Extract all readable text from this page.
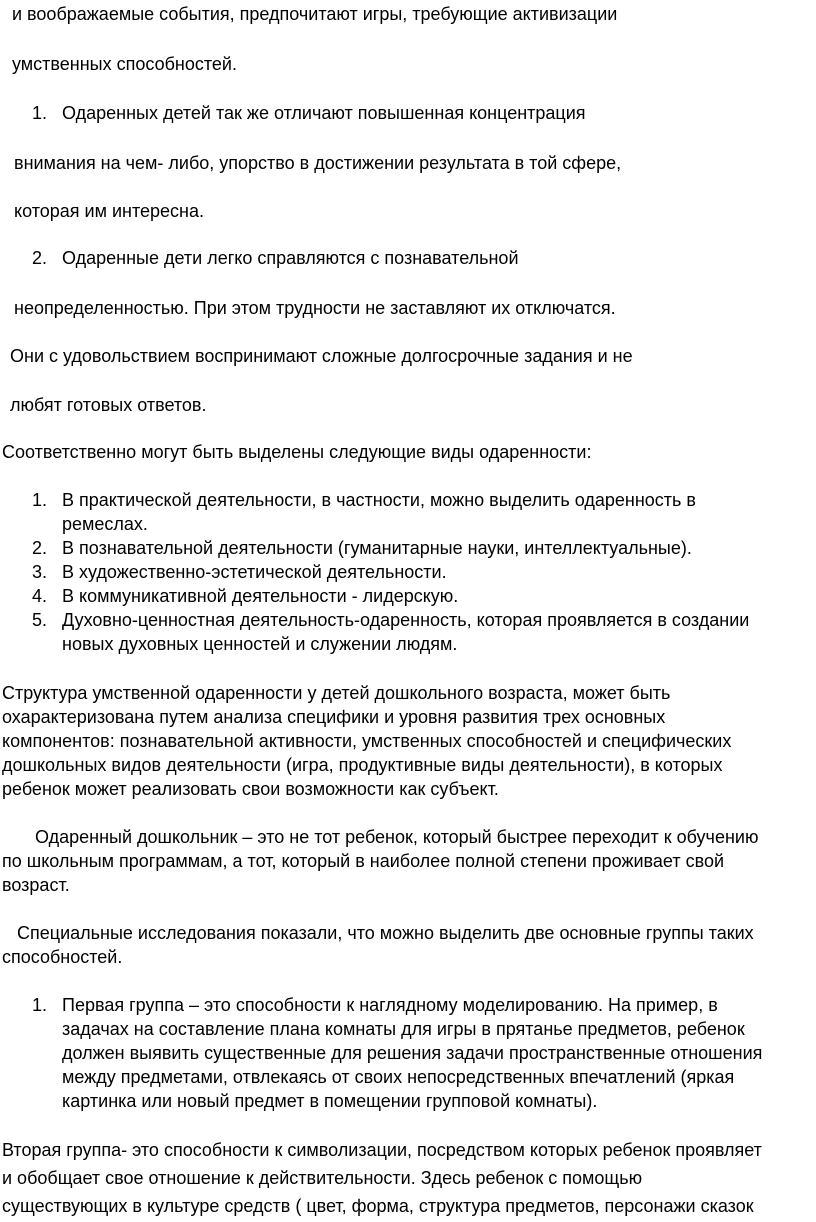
и воображаемые события, предпочитают игры, требующие активизации
умственных способностей.
1. Одаренных детей так же отличают повышенная концентрация
внимания на чем- либо, упорство в достижении результата в той сфере,
которая им интересна.
2. Одаренные дети легко справляются с познавательной
неопределенностью. При этом трудности не заставляют их отключатся.
Они с удовольствием воспринимают сложные долгосрочные задания и не
любят готовых ответов.
Соответственно могут быть выделены следующие виды одаренности:
1. В практической деятельности, в частности, можно выделить одаренность в
ремеслах.
2. В познавательной деятельности (гуманитарные науки, интеллектуальные).
3. В художественно-эстетической деятельности.
4. В коммуникативной деятельности - лидерскую.
5. Духовно-ценностная деятельность-одаренность, которая проявляется в создании
новых духовных ценностей и служении людям.
Структура умственной одаренности у детей дошкольного возраста, может быть
охарактеризована путем анализа специфики и уровня развития трех основных
компонентов: познавательной активности, умственных способностей и специфических
дошкольных видов деятельности (игра, продуктивные виды деятельности), в которых
ребенок может реализовать свои возможности как субъект.
Одаренный дошкольник – это не тот ребенок, который быстрее переходит к обучению
по школьным программам, а тот, который в наиболее полной степени проживает свой
возраст.
Специальные исследования показали, что можно выделить две основные группы таких
способностей.
1. Первая группа – это способности к наглядному моделированию. На пример, в
задачах на составление плана комнаты для игры в прятанье предметов, ребенок
должен выявить существенные для решения задачи пространственные отношения
между предметами, отвлекаясь от своих непосредственных впечатлений (яркая
картинка или новый предмет в помещении групповой комнаты).
Вторая группа- это способности к символизации, посредством которых ребенок проявляет
и обобщает свое отношение к действительности. Здесь ребенок с помощью
существующих в культуре средств ( цвет, форма, структура предметов, персонажи сказок
